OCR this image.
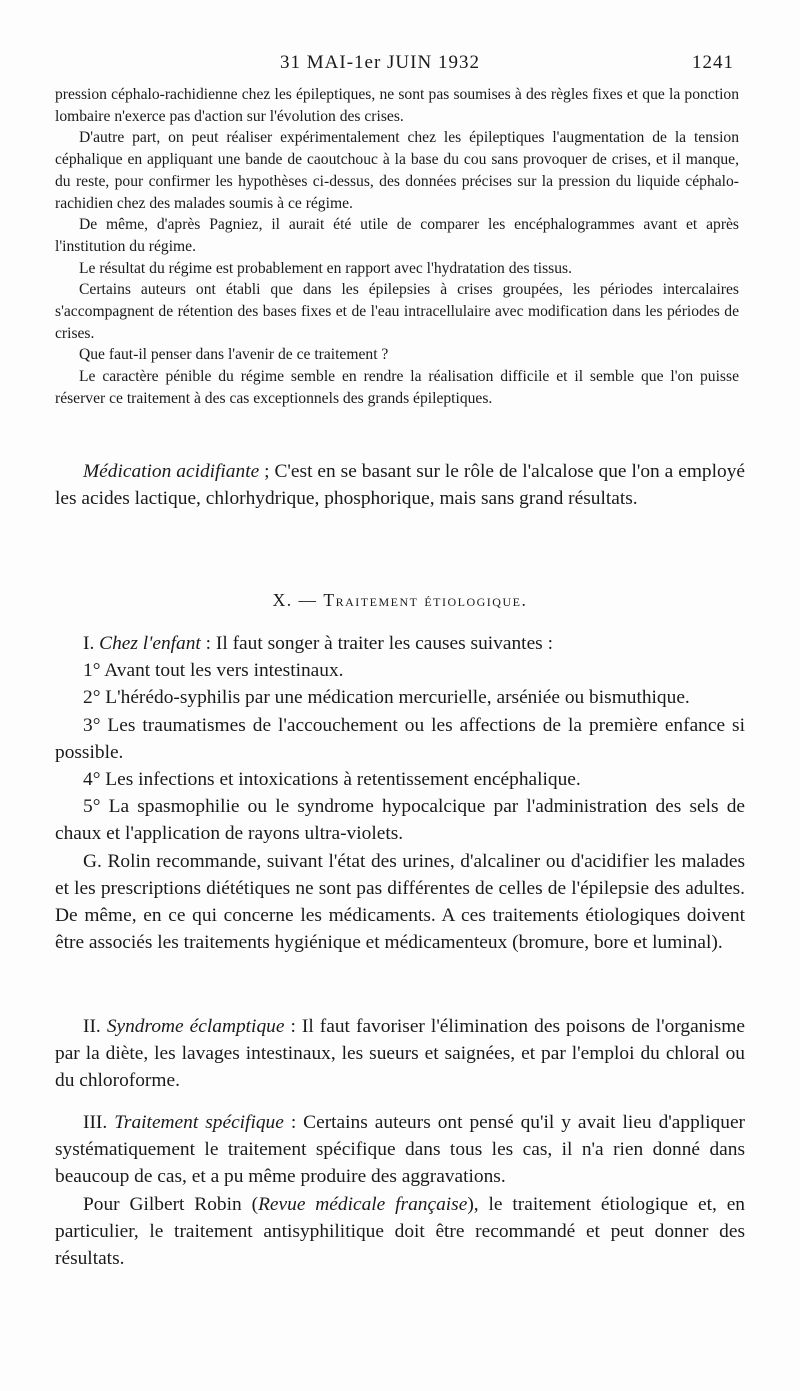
31 MAI-1er JUIN 1932	1241

pression céphalo-rachidienne chez les épileptiques, ne sont pas soumises à des règles fixes et que la ponction lombaire n'exerce pas d'action sur l'évolution des crises.

D'autre part, on peut réaliser expérimentalement chez les épileptiques l'augmentation de la tension céphalique en appliquant une bande de caoutchouc à la base du cou sans provoquer de crises, et il manque, du reste, pour confirmer les hypothèses ci-dessus, des données précises sur la pression du liquide céphalo-rachidien chez des malades soumis à ce régime.

De même, d'après Pagniez, il aurait été utile de comparer les encéphalogrammes avant et après l'institution du régime.

Le résultat du régime est probablement en rapport avec l'hydratation des tissus.

Certains auteurs ont établi que dans les épilepsies à crises groupées, les périodes intercalaires s'accompagnent de rétention des bases fixes et de l'eau intracellulaire avec modification dans les périodes de crises.

Que faut-il penser dans l'avenir de ce traitement ?

Le caractère pénible du régime semble en rendre la réalisation difficile et il semble que l'on puisse réserver ce traitement à des cas exceptionnels des grands épileptiques.

Médication acidifiante ; C'est en se basant sur le rôle de l'alcalose que l'on a employé les acides lactique, chlorhydrique, phosphorique, mais sans grand résultats.

X. — Traitement étiologique.

I. Chez l'enfant : Il faut songer à traiter les causes suivantes :

1° Avant tout les vers intestinaux.

2° L'hérédo-syphilis par une médication mercurielle, arséniée ou bismuthique.

3° Les traumatismes de l'accouchement ou les affections de la première enfance si possible.

4° Les infections et intoxications à retentissement encéphalique.

5° La spasmophilie ou le syndrome hypocalcique par l'administration des sels de chaux et l'application de rayons ultra-violets.

G. Rolin recommande, suivant l'état des urines, d'alcaliner ou d'acidifier les malades et les prescriptions diététiques ne sont pas différentes de celles de l'épilepsie des adultes. De même, en ce qui concerne les médicaments. A ces traitements étiologiques doivent être associés les traitements hygiénique et médicamenteux (bromure, bore et luminal).

II. Syndrome éclamptique : Il faut favoriser l'élimination des poisons de l'organisme par la diète, les lavages intestinaux, les sueurs et saignées, et par l'emploi du chloral ou du chloroforme.

III. Traitement spécifique : Certains auteurs ont pensé qu'il y avait lieu d'appliquer systématiquement le traitement spécifique dans tous les cas, il n'a rien donné dans beaucoup de cas, et a pu même produire des aggravations.

Pour Gilbert Robin (Revue médicale française), le traitement étiologique et, en particulier, le traitement antisyphilitique doit être recommandé et peut donner des résultats.
